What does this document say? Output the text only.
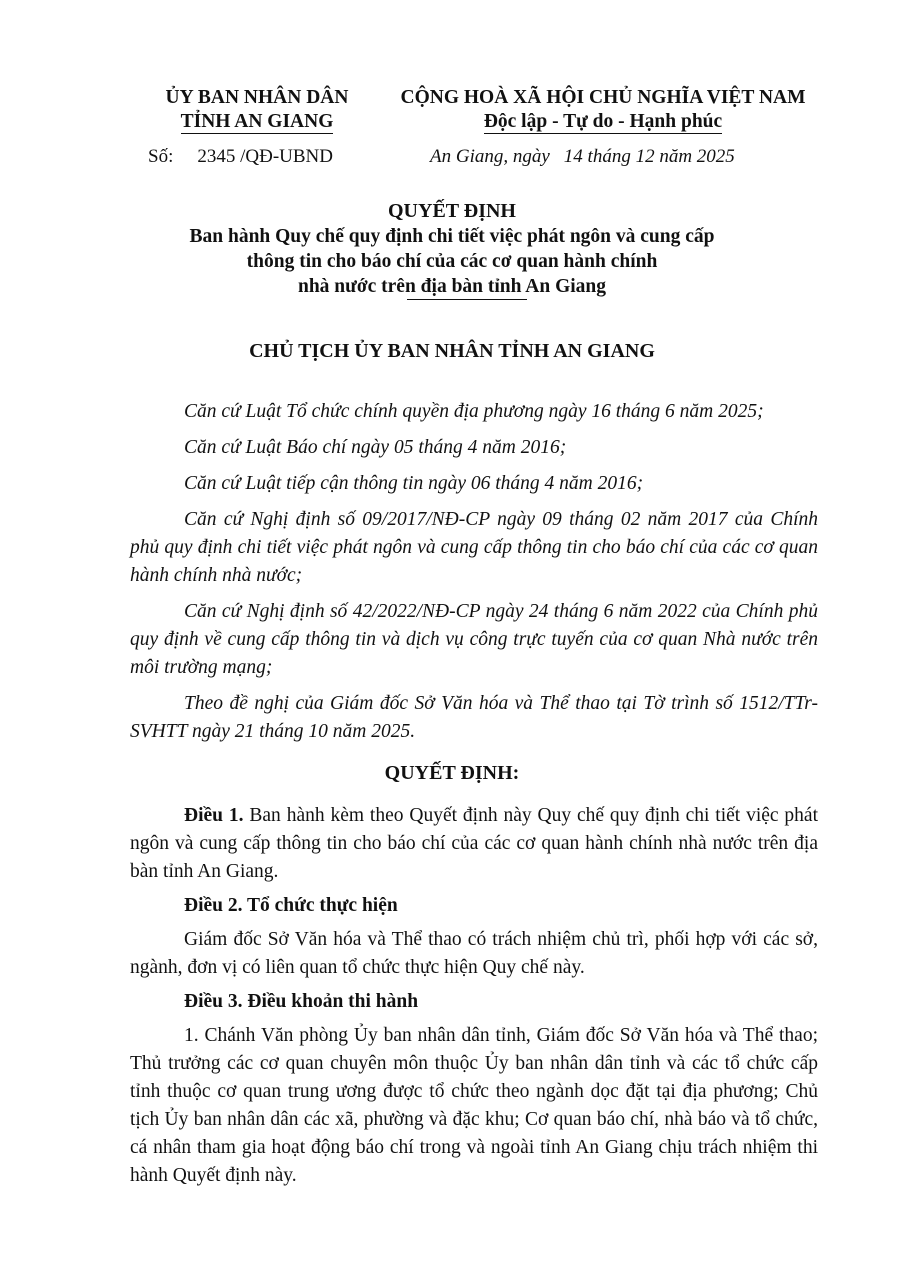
ỦY BAN NHÂN DÂN
TỈNH AN GIANG
CỘNG HOÀ XÃ HỘI CHỦ NGHĨA VIỆT NAM
Độc lập - Tự do - Hạnh phúc
Số: 2345 /QĐ-UBND	An Giang, ngày 14 tháng 12 năm 2025
QUYẾT ĐỊNH
Ban hành Quy chế quy định chi tiết việc phát ngôn và cung cấp
thông tin cho báo chí của các cơ quan hành chính
nhà nước trên địa bàn tỉnh An Giang
CHỦ TỊCH ỦY BAN NHÂN TỈNH AN GIANG

Căn cứ Luật Tổ chức chính quyền địa phương ngày 16 tháng 6 năm 2025;

Căn cứ Luật Báo chí ngày 05 tháng 4 năm 2016;

Căn cứ Luật tiếp cận thông tin ngày 06 tháng 4 năm 2016;

Căn cứ Nghị định số 09/2017/NĐ-CP ngày 09 tháng 02 năm 2017 của Chính phủ quy định chi tiết việc phát ngôn và cung cấp thông tin cho báo chí của các cơ quan hành chính nhà nước;

Căn cứ Nghị định số 42/2022/NĐ-CP ngày 24 tháng 6 năm 2022 của Chính phủ quy định về cung cấp thông tin và dịch vụ công trực tuyến của cơ quan Nhà nước trên môi trường mạng;

Theo đề nghị của Giám đốc Sở Văn hóa và Thể thao tại Tờ trình số 1512/TTr-SVHTT ngày 21 tháng 10 năm 2025.

QUYẾT ĐỊNH:

Điều 1. Ban hành kèm theo Quyết định này Quy chế quy định chi tiết việc phát ngôn và cung cấp thông tin cho báo chí của các cơ quan hành chính nhà nước trên địa bàn tỉnh An Giang.

Điều 2. Tổ chức thực hiện

Giám đốc Sở Văn hóa và Thể thao có trách nhiệm chủ trì, phối hợp với các sở, ngành, đơn vị có liên quan tổ chức thực hiện Quy chế này.

Điều 3. Điều khoản thi hành

1. Chánh Văn phòng Ủy ban nhân dân tỉnh, Giám đốc Sở Văn hóa và Thể thao; Thủ trưởng các cơ quan chuyên môn thuộc Ủy ban nhân dân tỉnh và các tổ chức cấp tỉnh thuộc cơ quan trung ương được tổ chức theo ngành dọc đặt tại địa phương; Chủ tịch Ủy ban nhân dân các xã, phường và đặc khu; Cơ quan báo chí, nhà báo và tổ chức, cá nhân tham gia hoạt động báo chí trong và ngoài tỉnh An Giang chịu trách nhiệm thi hành Quyết định này.
